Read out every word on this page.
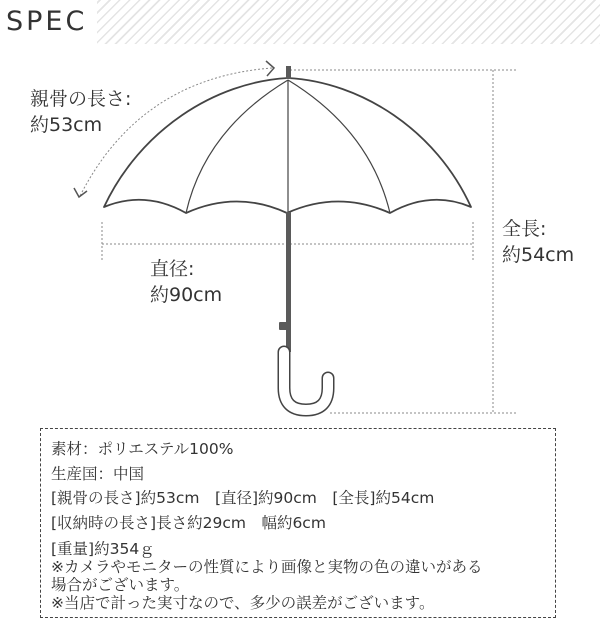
SPEC
親骨の長さ:
約53cm
直径:
約90cm
全長:
約54cm
素材：ポリエステル100%
生産国：中国
[親骨の長さ]約53cm　[直径]約90cm　[全長]約54cm
[収納時の長さ]長さ約29cm　幅約6cm
[重量]約354ｇ
※カメラやモニターの性質により画像と実物の色の違いがある
場合がございます。
※当店で計った実寸なので、多少の誤差がございます。
